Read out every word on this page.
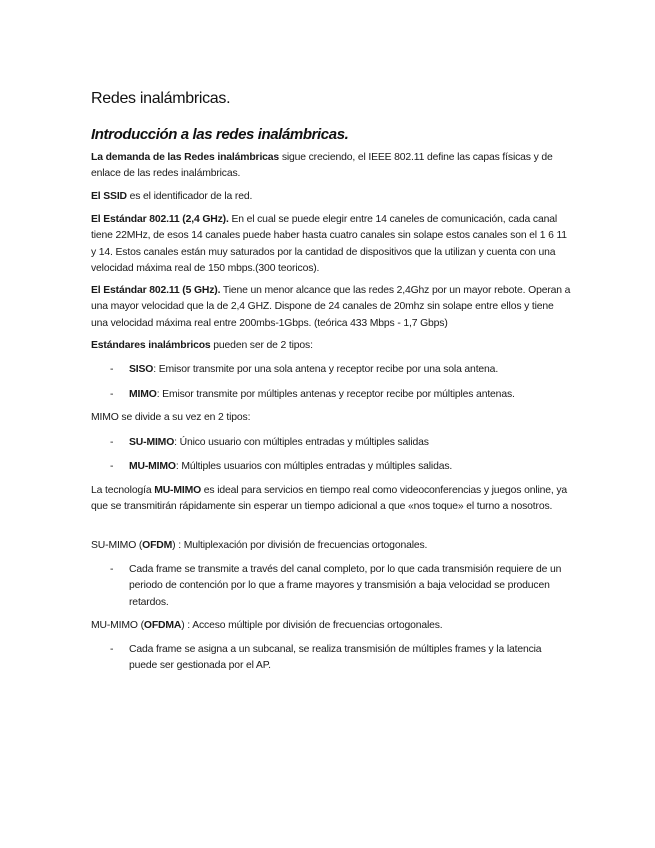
Redes inalámbricas.
Introducción a las redes inalámbricas.
La demanda de las Redes inalámbricas sigue creciendo, el IEEE 802.11 define las capas físicas y de enlace de las redes inalámbricas.
El SSID es el identificador de la red.
El Estándar 802.11 (2,4 GHz). En el cual se puede elegir entre 14 caneles de comunicación, cada canal tiene 22MHz, de esos 14 canales puede haber hasta cuatro canales sin solape estos canales son el 1 6 11 y 14. Estos canales están muy saturados por la cantidad de dispositivos que la utilizan y cuenta con una velocidad máxima real de 150 mbps.(300 teoricos).
El Estándar 802.11 (5 GHz). Tiene un menor alcance que las redes 2,4Ghz por un mayor rebote. Operan a una mayor velocidad que la de 2,4 GHZ. Dispone de 24 canales de 20mhz sin solape entre ellos y tiene una velocidad máxima real entre 200mbs-1Gbps. (teórica 433 Mbps - 1,7 Gbps)
Estándares inalámbricos pueden ser de 2 tipos:
- SISO: Emisor transmite por una sola antena y receptor recibe por una sola antena.
- MIMO: Emisor transmite por múltiples antenas y receptor recibe por múltiples antenas.
MIMO se divide a su vez en 2 tipos:
- SU-MIMO: Único usuario con múltiples entradas y múltiples salidas
- MU-MIMO: Múltiples usuarios con múltiples entradas y múltiples salidas.
La tecnología MU-MIMO es ideal para servicios en tiempo real como videoconferencias y juegos online, ya que se transmitirán rápidamente sin esperar un tiempo adicional a que «nos toque» el turno a nosotros.
SU-MIMO (OFDM) : Multiplexación por división de frecuencias ortogonales.
- Cada frame se transmite a través del canal completo, por lo que cada transmisión requiere de un periodo de contención por lo que a frame mayores y transmisión a baja velocidad se producen retardos.
MU-MIMO (OFDMA) : Acceso múltiple por división de frecuencias ortogonales.
- Cada frame se asigna a un subcanal, se realiza transmisión de múltiples frames y la latencia puede ser gestionada por el AP.
